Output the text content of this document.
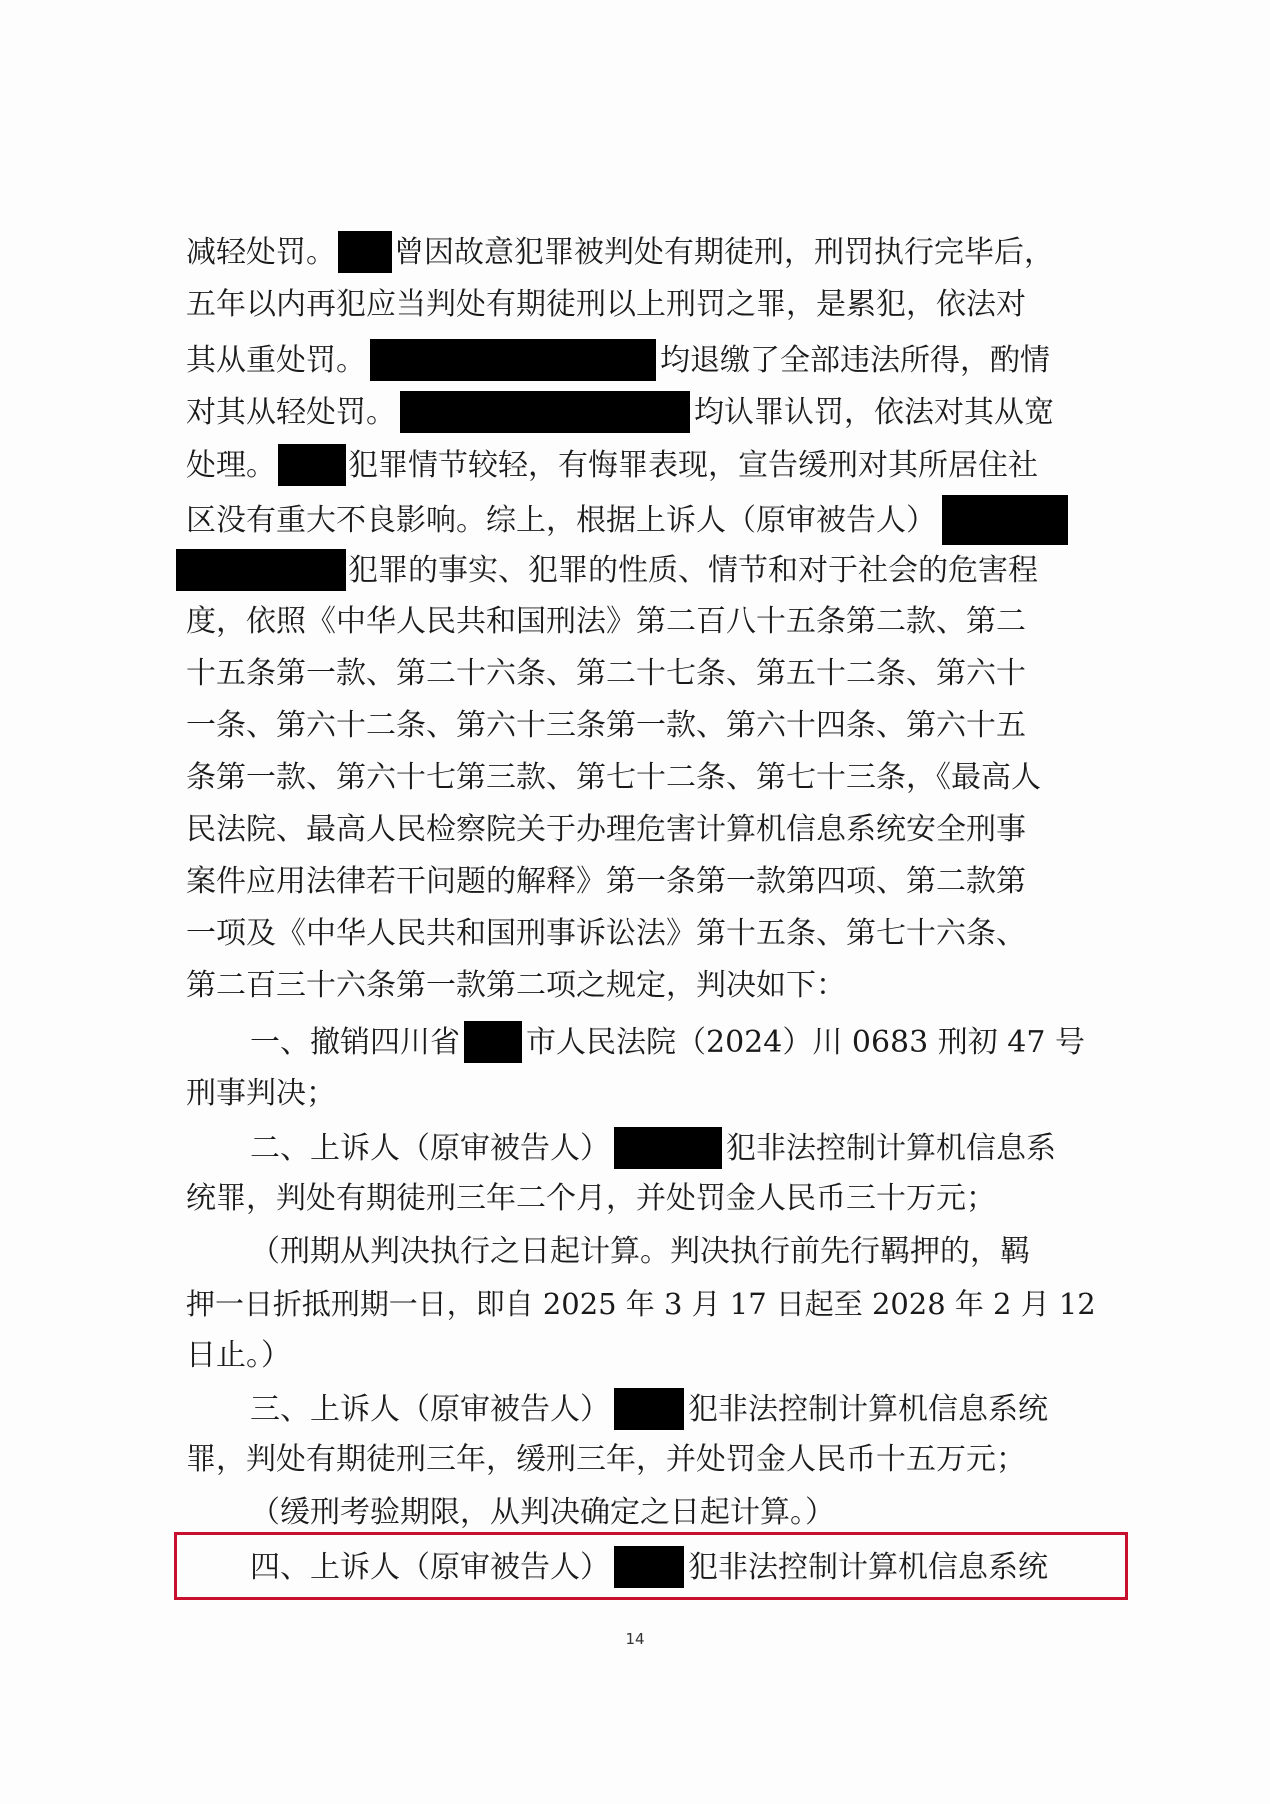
减轻处罚。 曾因故意犯罪被判处有期徒刑，刑罚执行完毕后，
五年以内再犯应当判处有期徒刑以上刑罚之罪，是累犯，依法对
其从重处罚。	均退缴了全部违法所得，酌情
对其从轻处罚。	均认罪认罚，依法对其从宽
处理。 犯罪情节较轻，有悔罪表现，宣告缓刑对其所居住社
区没有重大不良影响。综上，根据上诉人（原审被告人）
犯罪的事实、犯罪的性质、情节和对于社会的危害程
度，依照《中华人民共和国刑法》第二百八十五条第二款、第二
十五条第一款、第二十六条、第二十七条、第五十二条、第六十
一条、第六十二条、第六十三条第一款、第六十四条、第六十五
条第一款、第六十七第三款、第七十二条、第七十三条，《最高人
民法院、最高人民检察院关于办理危害计算机信息系统安全刑事
案件应用法律若干问题的解释》第一条第一款第四项、第二款第
一项及《中华人民共和国刑事诉讼法》第十五条、第七十六条、
第二百三十六条第一款第二项之规定，判决如下：
一、撤销四川省 市人民法院（2024）川 0683 刑初 47 号
刑事判决；
二、上诉人（原审被告人）	犯非法控制计算机信息系
统罪，判处有期徒刑三年二个月，并处罚金人民币三十万元；
（刑期从判决执行之日起计算。判决执行前先行羁押的，羁
押一日折抵刑期一日，即自 2025 年 3 月 17 日起至 2028 年 2 月 12
日止。）
三、上诉人（原审被告人）	犯非法控制计算机信息系统
罪，判处有期徒刑三年，缓刑三年，并处罚金人民币十五万元；
（缓刑考验期限，从判决确定之日起计算。）
四、上诉人（原审被告人）	犯非法控制计算机信息系统
14
